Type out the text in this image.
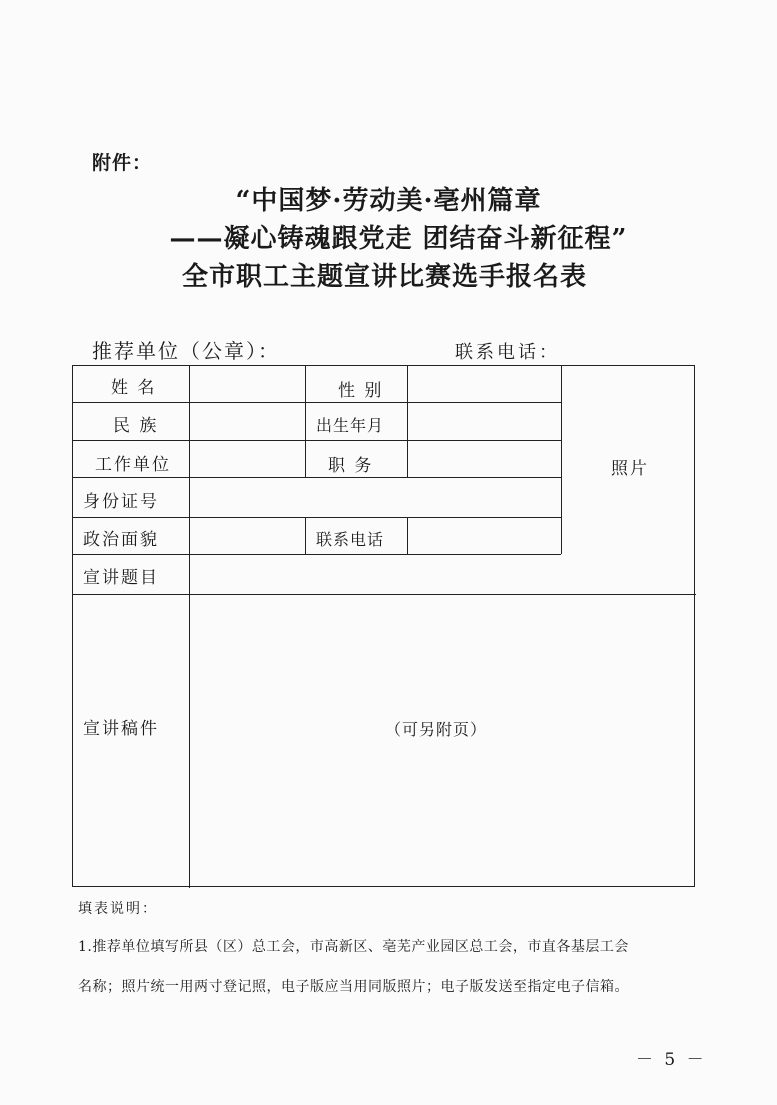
附件：
“中国梦·劳动美·亳州篇章
——凝心铸魂跟党走 团结奋斗新征程”
全市职工主题宣讲比赛选手报名表
推荐单位（公章）：	联系电话：
姓 名	性 别
民 族	出生年月
工作单位	职 务
身份证号
政治面貌	联系电话
照片
宣讲题目
宣讲稿件	（可另附页）
填表说明：
1.推荐单位填写所县（区）总工会，市高新区、亳芜产业园区总工会，市直各基层工会
名称；照片统一用两寸登记照，电子版应当用同版照片；电子版发送至指定电子信箱。
－ 5 －
